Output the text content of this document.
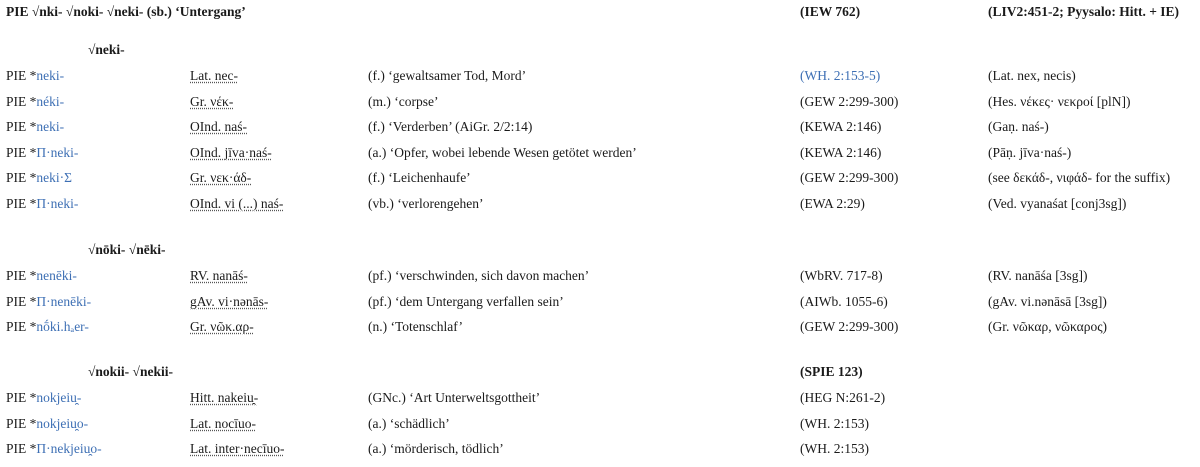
PIE √nki- √noki- √neki- (sb.) ‘Untergang’	(IEW 762)	(LIV2:451-2; Pyysalo: Hitt. + IE)
√neki-
PIE *neki-	Lat. nec-	(f.) ‘gewaltsamer Tod, Mord’	(WH. 2:153-5)	(Lat. nex, necis)
PIE *néki-	Gr. νέκ-	(m.) ‘corpse’	(GEW 2:299-300)	(Hes. νέκες· νεκροί [plN])
PIE *neki-	OInd. naś-	(f.) ‘Verderben’ (AiGr. 2/2:14)	(KEWA 2:146)	(Gaṇ. naś-)
PIE *Π·neki-	OInd. jīva·naś-	(a.) ‘Opfer, wobei lebende Wesen getötet werden’	(KEWA 2:146)	(Pāṇ. jīva·naś-)
PIE *neki·Σ	Gr. νεκ·άδ-	(f.) ‘Leichenhaufe’	(GEW 2:299-300)	(see δεκάδ-, νιφάδ- for the suffix)
PIE *Π·neki-	OInd. vi (...) naś-	(vb.) ‘verlorengehen’	(EWA 2:29)	(Ved. vyanaśat [conj3sg])
√nōki- √nēki-
PIE *nenēki-	RV. nanāś-	(pf.) ‘verschwinden, sich davon machen’	(WbRV. 717-8)	(RV. nanāśa [3sg])
PIE *Π·nenēki-	gAv. vi·nənās-	(pf.) ‘dem Untergang verfallen sein’	(AIWb. 1055-6)	(gAv. vi.nənāsā [3sg])
PIE *nṓki.hₐer-	Gr. νῶκ.αρ-	(n.) ‘Totenschlaf’	(GEW 2:299-300)	(Gr. νῶκαρ, νῶκαρος)
√nokii- √nekii-	(SPIE 123)
PIE *nokjeiu̯-	Hitt. nakeiu̯-	(GNc.) ‘Art Unterweltsgottheit’	(HEG N:261-2)
PIE *nokjeiu̯o-	Lat. nocīuo-	(a.) ‘schädlich’	(WH. 2:153)
PIE *Π·nekjeiu̯o-	Lat. inter·necīuo-	(a.) ‘mörderisch, tödlich’	(WH. 2:153)
